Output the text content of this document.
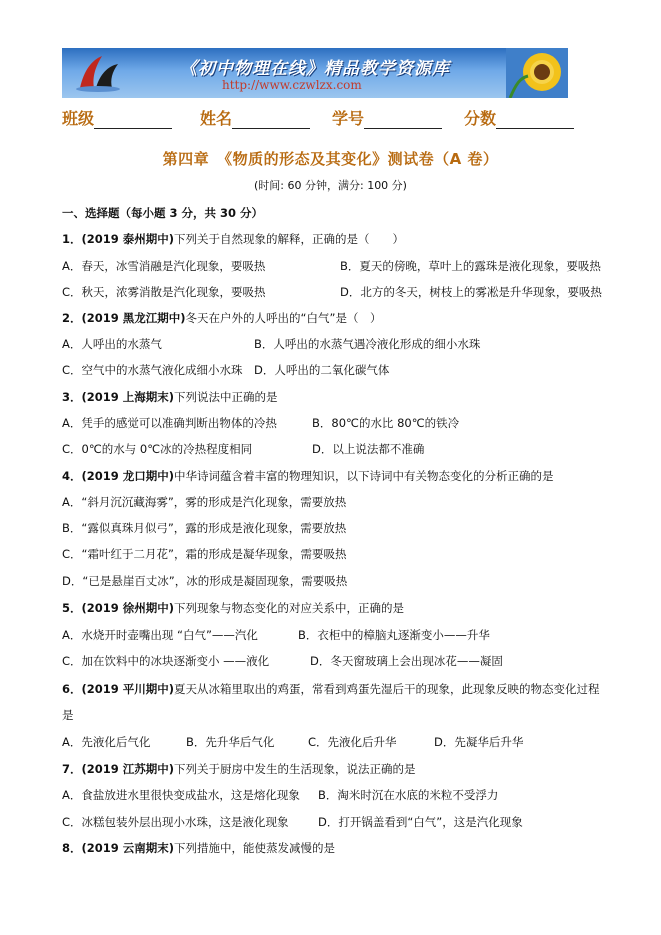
《初中物理在线》精品教学资源库
http://www.czwlzx.com
班级	姓名	学号	分数
第四章　《物质的形态及其变化》测试卷（A 卷）
(时间: 60 分钟，满分: 100 分)
一、选择题（每小题 3 分，共 30 分）
1．(2019 泰州期中)下列关于自然现象的解释，正确的是（　　）
A．春天，冰雪消融是汽化现象，要吸热	B．夏天的傍晚，草叶上的露珠是液化现象，要吸热
C．秋天，浓雾消散是汽化现象，要吸热	D．北方的冬天，树枝上的雾凇是升华现象，要吸热
2．(2019 黑龙江期中)冬天在户外的人呼出的“白气”是（　）
A．人呼出的水蒸气	B．人呼出的水蒸气遇冷液化形成的细小水珠
C．空气中的水蒸气液化成细小水珠 D．人呼出的二氧化碳气体
3．(2019 上海期末)下列说法中正确的是
A．凭手的感觉可以准确判断出物体的冷热	B．80℃的水比 80℃的铁冷
C．0℃的水与 0℃冰的冷热程度相同	D．以上说法都不准确
4．(2019 龙口期中)中华诗词蕴含着丰富的物理知识，以下诗词中有关物态变化的分析正确的是
A．“斜月沉沉藏海雾”，雾的形成是汽化现象，需要放热
B．“露似真珠月似弓”，露的形成是液化现象，需要放热
C．“霜叶红于二月花”，霜的形成是凝华现象，需要吸热
D．“已是悬崖百丈冰”，冰的形成是凝固现象，需要吸热
5．(2019 徐州期中)下列现象与物态变化的对应关系中，正确的是
A．水烧开时壶嘴出现 “白气”——汽化	B．衣柜中的樟脑丸逐渐变小——升华
C．加在饮料中的冰块逐渐变小 ——液化	D．冬天窗玻璃上会出现冰花——凝固
6．(2019 平川期中)夏天从冰箱里取出的鸡蛋，常看到鸡蛋先湿后干的现象，此现象反映的物态变化过程
是
A．先液化后气化	B．先升华后气化	C．先液化后升华	D．先凝华后升华
7．(2019 江苏期中)下列关于厨房中发生的生活现象，说法正确的是
A．食盐放进水里很快变成盐水，这是熔化现象 B．淘米时沉在水底的米粒不受浮力
C．冰糕包装外层出现小水珠，这是液化现象	D．打开锅盖看到“白气”，这是汽化现象
8．(2019 云南期末)下列措施中，能使蒸发减慢的是
